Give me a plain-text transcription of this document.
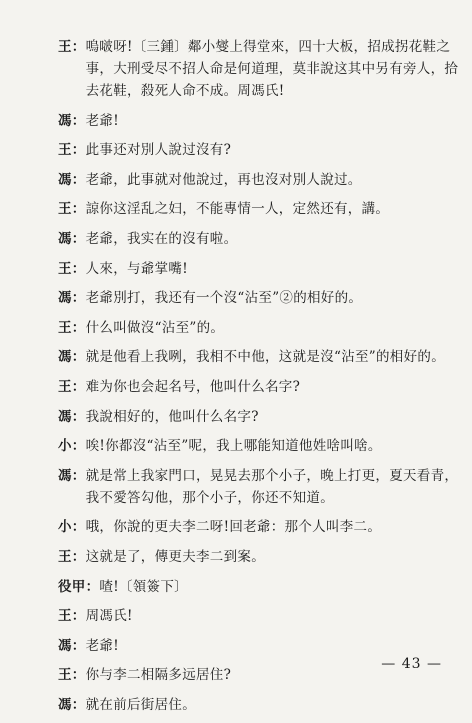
王： 嗚啵呀!〔三鍾〕鄰小燮上得堂來，四十大板，招成拐花鞋之事，大刑受尽不招人命是何道理，莫非說这其中另有旁人，拾去花鞋，殺死人命不成。周馮氏!
馮： 老爺!
王： 此事还对別人說过沒有?
馮： 老爺，此事就对他說过，再也沒对別人說过。
王： 諒你这淫乱之妇，不能專情一人，定然还有，講。
馮： 老爺，我实在的沒有啦。
王： 人來，与爺掌嘴!
馮： 老爺別打，我还有一个沒“沾至”②的相好的。
王： 什么叫做沒“沾至”的。
馮： 就是他看上我咧，我相不中他，这就是沒“沾至”的相好的。
王： 难为你也会起名号，他叫什么名字?
馮： 我說相好的，他叫什么名字?
小： 唉!你都沒“沾至”呢，我上哪能知道他姓啥叫啥。
馮： 就是常上我家門口，晃晃去那个小子，晚上打更，夏天看青，我不愛答勾他，那个小子，你还不知道。
小： 哦，你說的更夫李二呀!回老爺：那个人叫李二。
王： 这就是了，傳更夫李二到案。
役甲： 喳!〔領簽下〕
王： 周馮氏!
馮： 老爺!
王： 你与李二相隔多远居住?
馮： 就在前后街居住。
— 43 —
